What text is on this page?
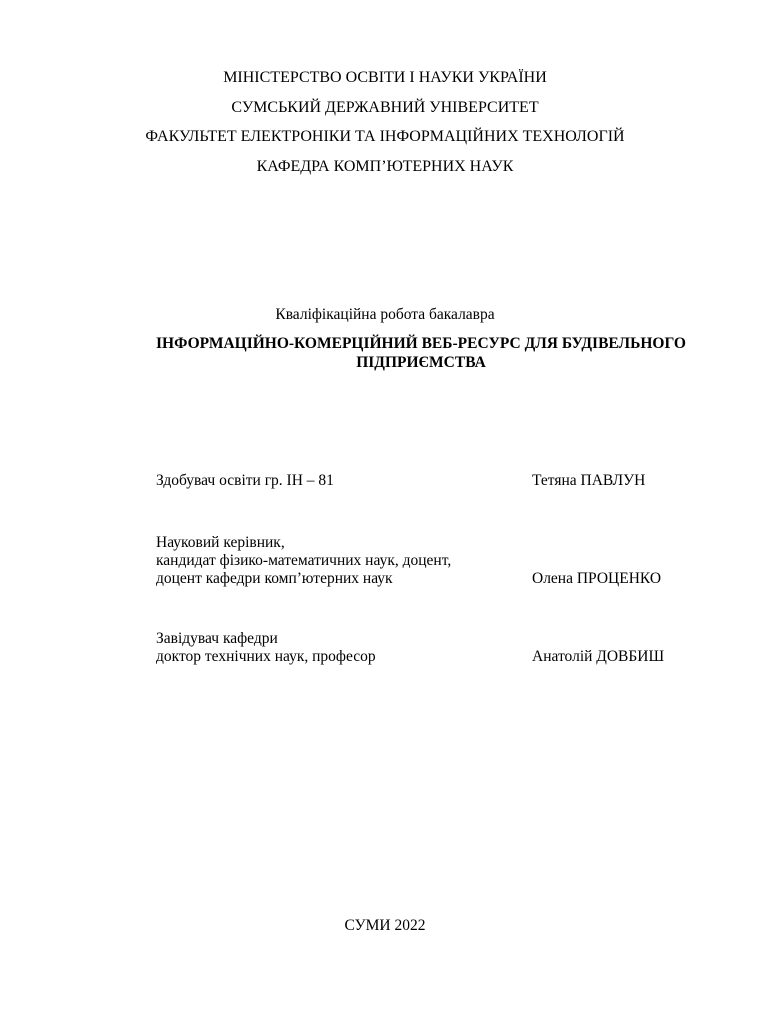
МІНІСТЕРСТВО ОСВІТИ І НАУКИ УКРАЇНИ
СУМСЬКИЙ ДЕРЖАВНИЙ УНІВЕРСИТЕТ
ФАКУЛЬТЕТ ЕЛЕКТРОНІКИ ТА ІНФОРМАЦІЙНИХ ТЕХНОЛОГІЙ
КАФЕДРА КОМП’ЮТЕРНИХ НАУК
Кваліфікаційна робота бакалавра
ІНФОРМАЦІЙНО-КОМЕРЦІЙНИЙ ВЕБ-РЕСУРС ДЛЯ БУДІВЕЛЬНОГО
ПІДПРИЄМСТВА
Здобувач освіти гр. ІН – 81	Тетяна ПАВЛУН
Науковий керівник,
кандидат фізико-математичних наук, доцент,
доцент кафедри комп’ютерних наук	Олена ПРОЦЕНКО
Завідувач кафедри
доктор технічних наук, професор	Анатолій ДОВБИШ
СУМИ 2022
